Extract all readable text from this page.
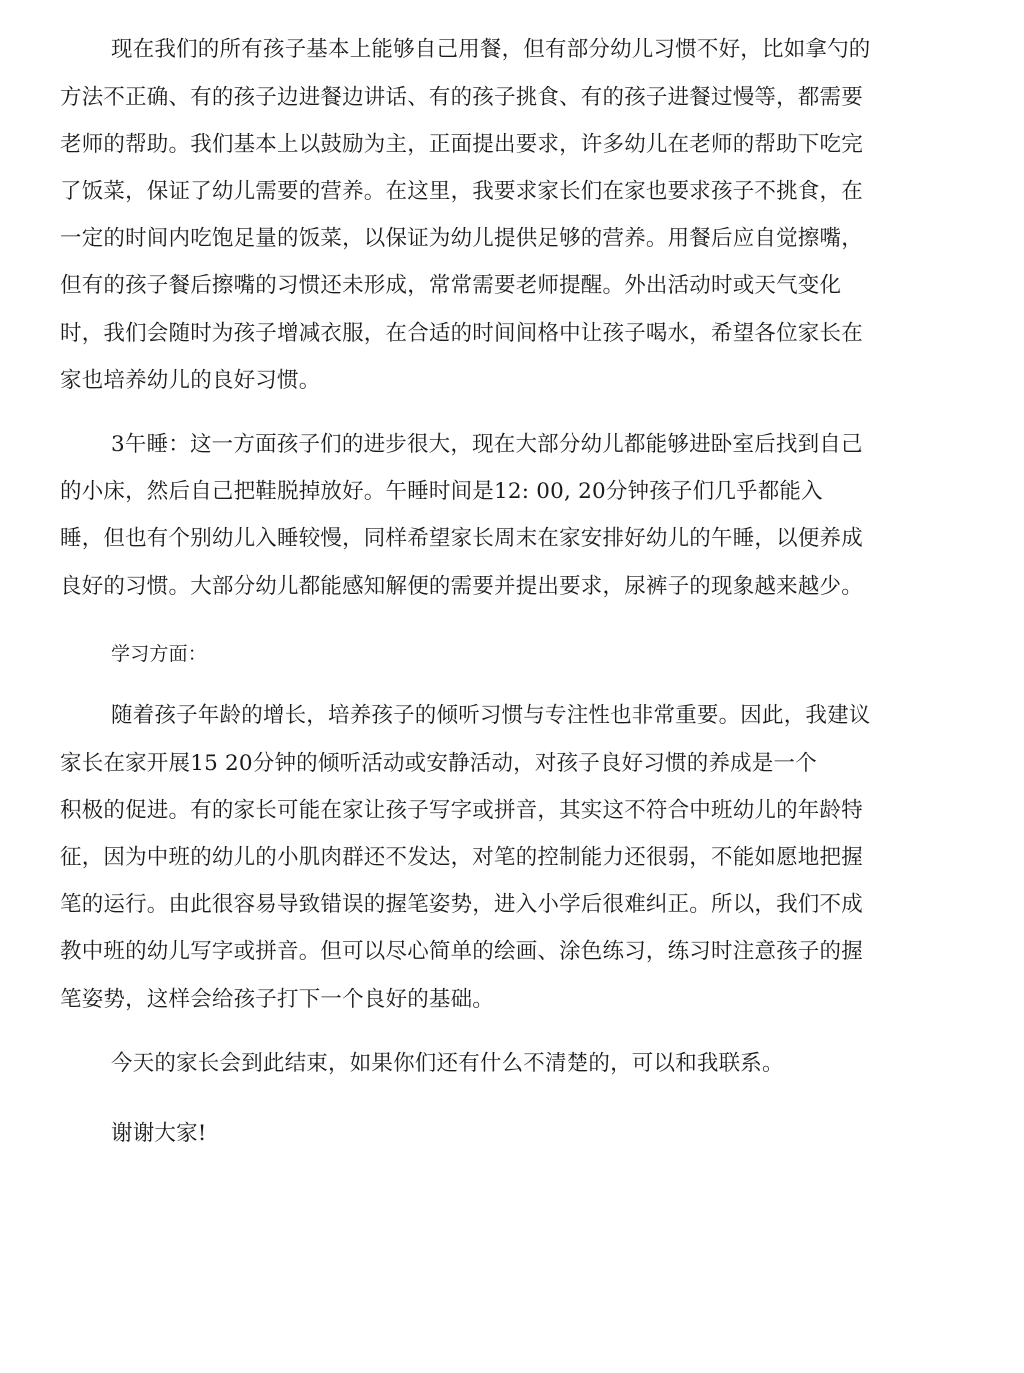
现在我们的所有孩子基本上能够自己用餐，但有部分幼儿习惯不好，比如拿勺的
方法不正确、有的孩子边进餐边讲话、有的孩子挑食、有的孩子进餐过慢等，都需要
老师的帮助。我们基本上以鼓励为主，正面提出要求，许多幼儿在老师的帮助下吃完
了饭菜，保证了幼儿需要的营养。在这里，我要求家长们在家也要求孩子不挑食，在
一定的时间内吃饱足量的饭菜，以保证为幼儿提供足够的营养。用餐后应自觉擦嘴，
但有的孩子餐后擦嘴的习惯还未形成，常常需要老师提醒。外出活动时或天气变化
时，我们会随时为孩子增减衣服，在合适的时间间格中让孩子喝水，希望各位家长在
家也培养幼儿的良好习惯。
3午睡：这一方面孩子们的进步很大，现在大部分幼儿都能够进卧室后找到自己
的小床，然后自己把鞋脱掉放好。午睡时间是12: 00, 20分钟孩子们几乎都能入
睡，但也有个别幼儿入睡较慢，同样希望家长周末在家安排好幼儿的午睡，以便养成
良好的习惯。大部分幼儿都能感知解便的需要并提出要求，尿裤子的现象越来越少。
学习方面：
随着孩子年龄的增长，培养孩子的倾听习惯与专注性也非常重要。因此，我建议
家长在家开展15 20分钟的倾听活动或安静活动，对孩子良好习惯的养成是一个
积极的促进。有的家长可能在家让孩子写字或拼音，其实这不符合中班幼儿的年龄特
征，因为中班的幼儿的小肌肉群还不发达，对笔的控制能力还很弱，不能如愿地把握
笔的运行。由此很容易导致错误的握笔姿势，进入小学后很难纠正。所以，我们不成
教中班的幼儿写字或拼音。但可以尽心简单的绘画、涂色练习，练习时注意孩子的握
笔姿势，这样会给孩子打下一个良好的基础。
今天的家长会到此结束，如果你们还有什么不清楚的，可以和我联系。
谢谢大家!
